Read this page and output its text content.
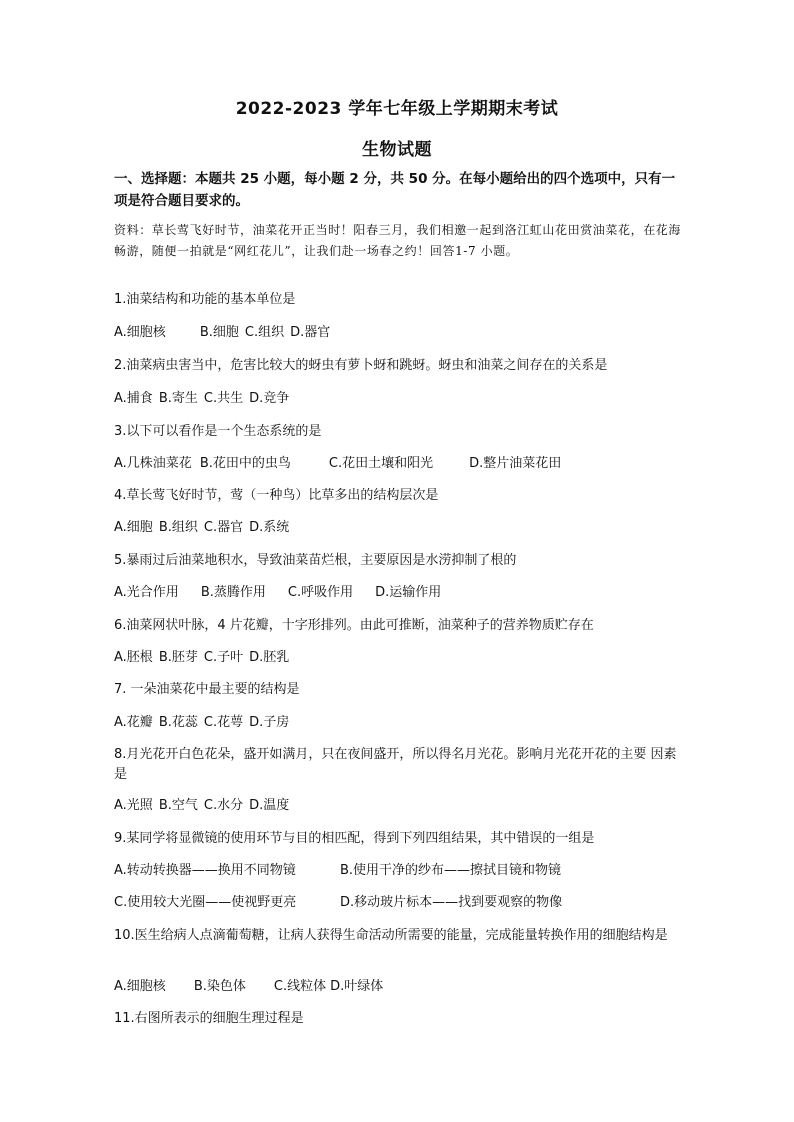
2022-2023 学年七年级上学期期末考试
生物试题
一、选择题：本题共 25 小题，每小题 2 分，共 50 分。在每小题给出的四个选项中，只有一项是符合题目要求的。
资料：草长莺飞好时节，油菜花开正当时！阳春三月，我们相邀一起到洛江虹山花田赏油菜花，在花海畅游，随便一拍就是“网红花儿”，让我们赴一场春之约！回答1-7 小题。
1.油菜结构和功能的基本单位是
A.细胞核	B.细胞 C.组织 D.器官
2.油菜病虫害当中，危害比较大的蚜虫有萝卜蚜和跳蚜。蚜虫和油菜之间存在的关系是
A.捕食 B.寄生 C.共生 D.竞争
3.以下可以看作是一个生态系统的是
A.几株油菜花 B.花田中的虫鸟	C.花田土壤和阳光	D.整片油菜花田
4.草长莺飞好时节，莺（一种鸟）比草多出的结构层次是
A.细胞 B.组织 C.器官 D.系统
5.暴雨过后油菜地积水，导致油菜苗烂根，主要原因是水涝抑制了根的
A.光合作用 B.蒸腾作用 C.呼吸作用 D.运输作用
6.油菜网状叶脉，4 片花瓣，十字形排列。由此可推断，油菜种子的营养物质贮存在
A.胚根 B.胚芽 C.子叶 D.胚乳
7. 一朵油菜花中最主要的结构是
A.花瓣 B.花蕊 C.花萼 D.子房
8.月光花开白色花朵，盛开如满月，只在夜间盛开，所以得名月光花。影响月光花开花的主要 因素是
A.光照 B.空气 C.水分 D.温度
9.某同学将显微镜的使用环节与目的相匹配，得到下列四组结果，其中错误的一组是
A.转动转换器——换用不同物镜	B.使用干净的纱布——擦拭目镜和物镜
C.使用较大光圈——使视野更亮	D.移动玻片标本——找到要观察的物像
10.医生给病人点滴葡萄糖，让病人获得生命活动所需要的能量，完成能量转换作用的细胞结构是
A.细胞核 B.染色体 C.线粒体 D.叶绿体
11.右图所表示的细胞生理过程是
